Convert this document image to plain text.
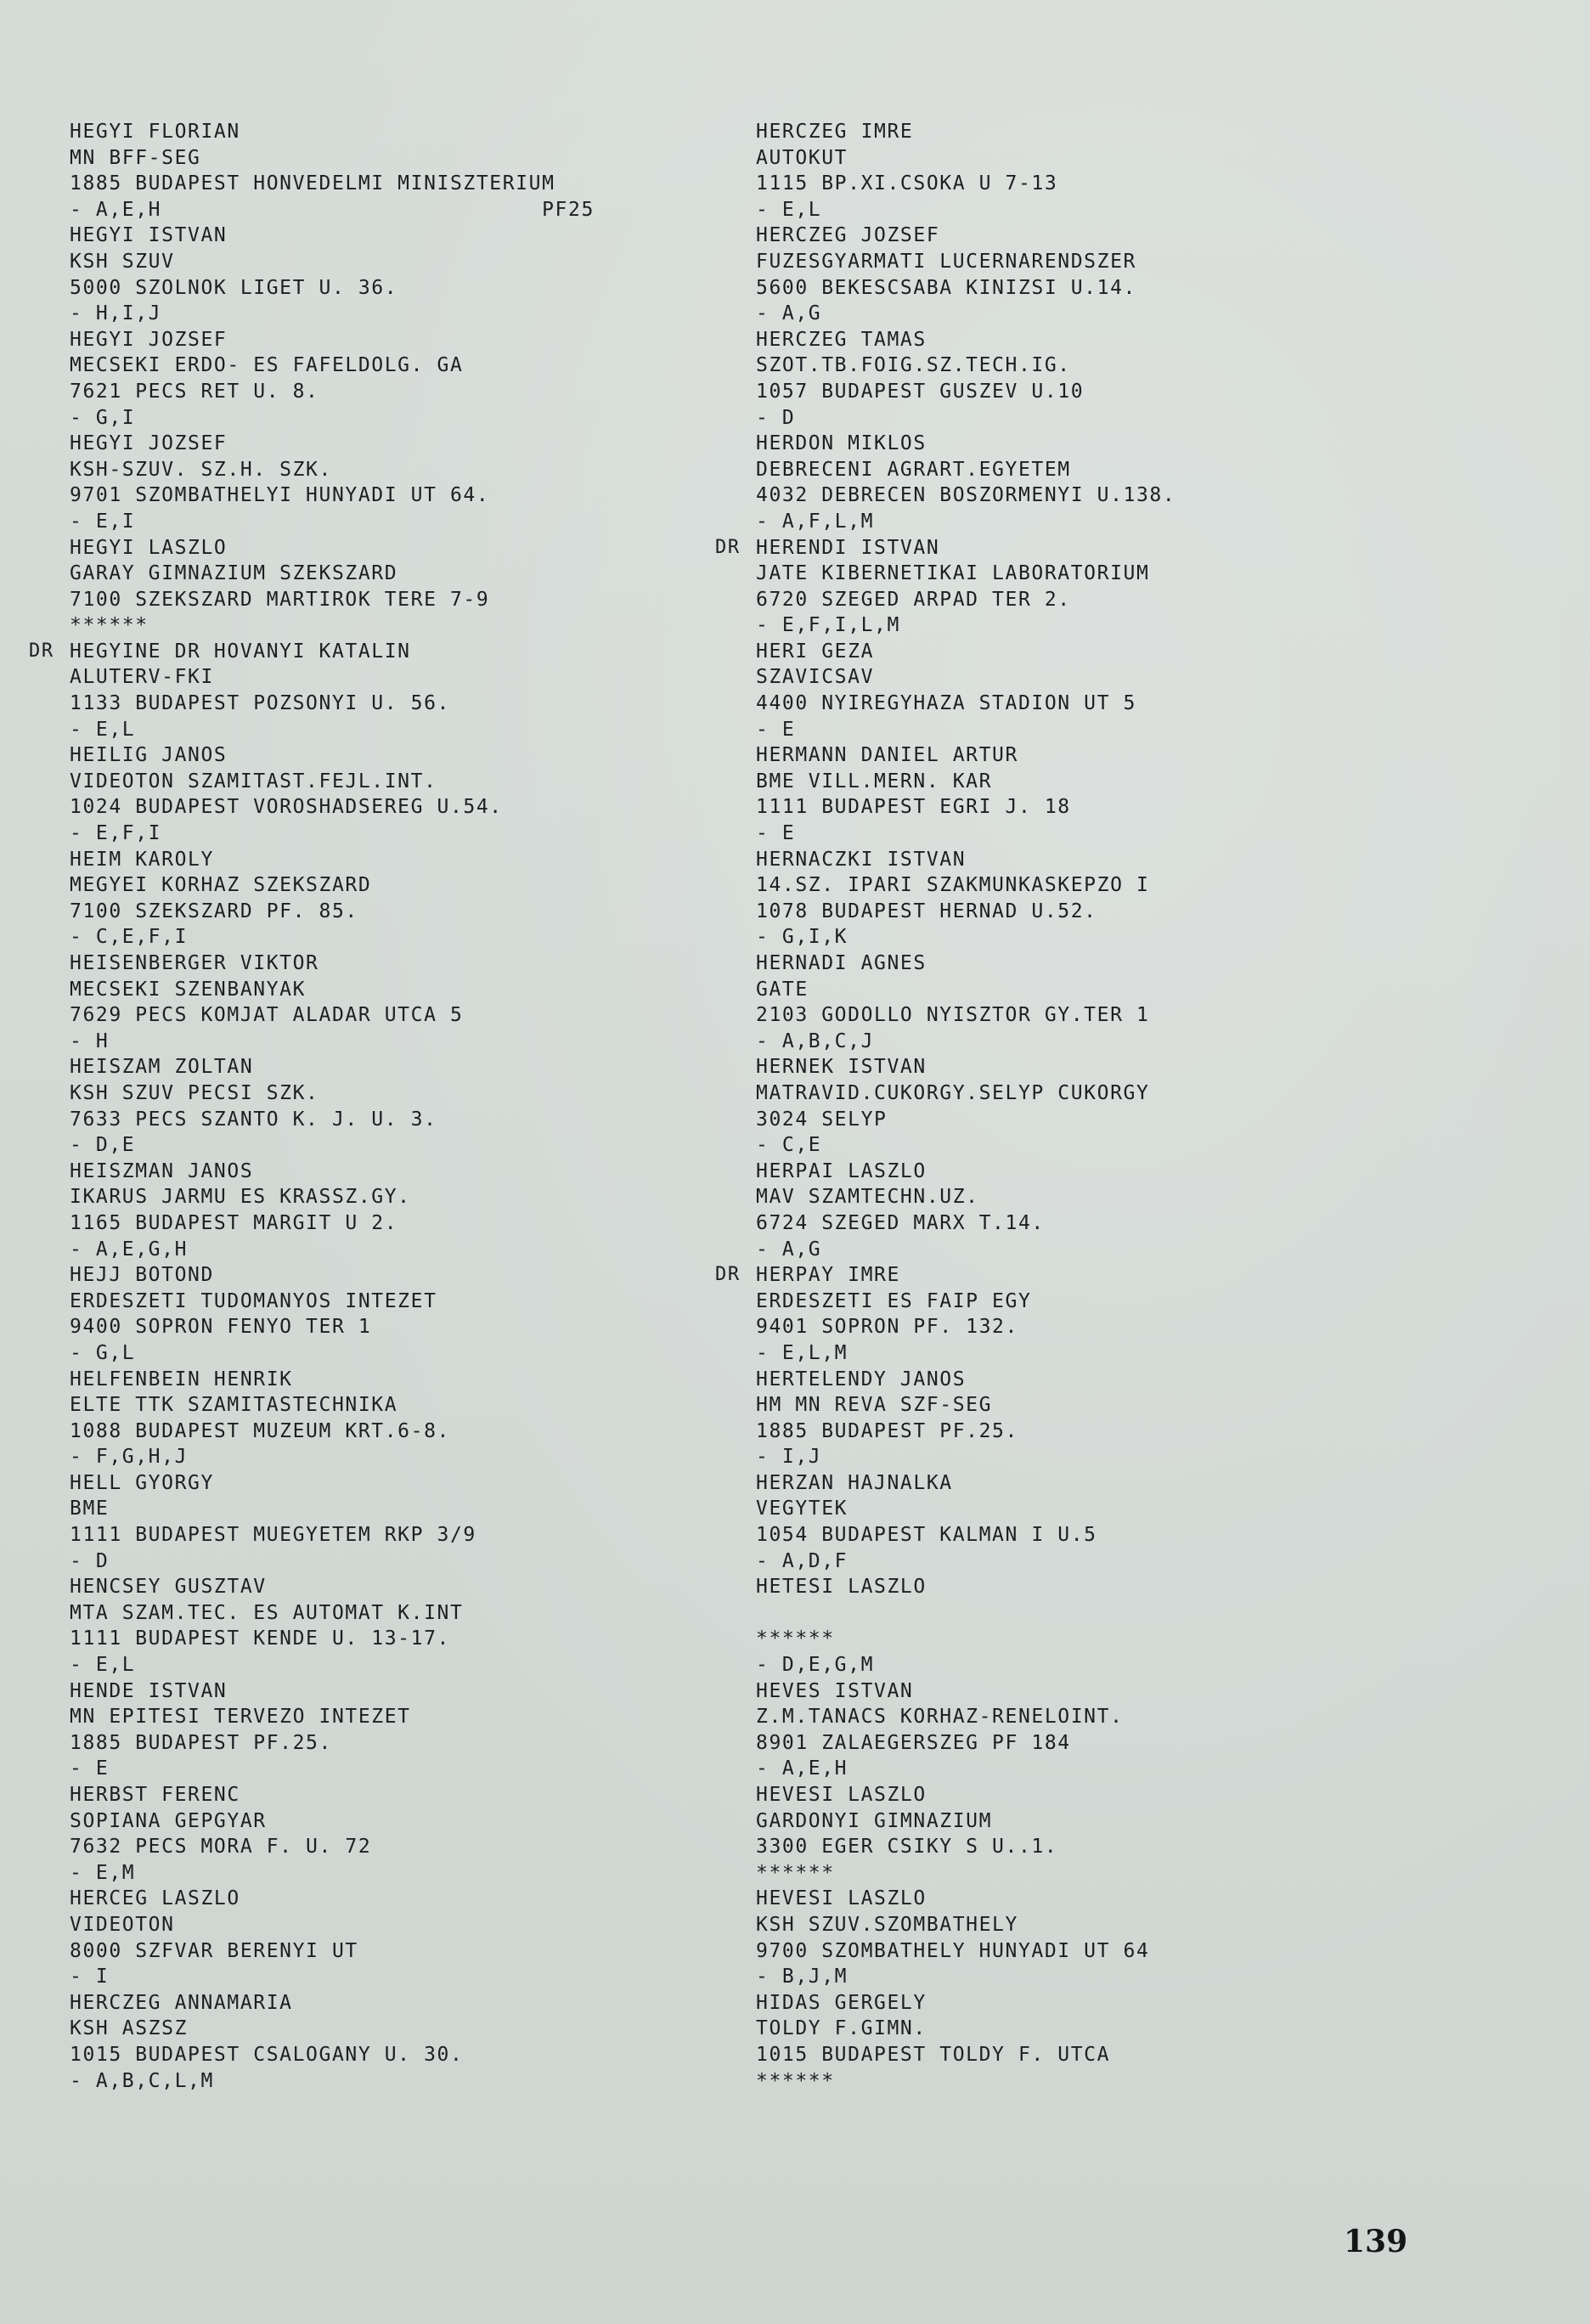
HEGYI FLORIAN
MN BFF-SEG
1885 BUDAPEST HONVEDELMI MINISZTERIUM
- A,E,H                             PF25
HEGYI ISTVAN
KSH SZUV
5000 SZOLNOK LIGET U. 36.
- H,I,J
HEGYI JOZSEF
MECSEKI ERDO- ES FAFELDOLG. GA
7621 PECS RET U. 8.
- G,I
HEGYI JOZSEF
KSH-SZUV. SZ.H. SZK.
9701 SZOMBATHELYI HUNYADI UT 64.
- E,I
HEGYI LASZLO
GARAY GIMNAZIUM SZEKSZARD
7100 SZEKSZARD MARTIROK TERE 7-9
******
DR HEGYINE DR HOVANYI KATALIN
ALUTERV-FKI
1133 BUDAPEST POZSONYI U. 56.
- E,L
HEILIG JANOS
VIDEOTON SZAMITAST.FEJL.INT.
1024 BUDAPEST VOROSHADSEREG U.54.
- E,F,I
HEIM KAROLY
MEGYEI KORHAZ SZEKSZARD
7100 SZEKSZARD PF. 85.
- C,E,F,I
HEISENBERGER VIKTOR
MECSEKI SZENBANYAK
7629 PECS KOMJAT ALADAR UTCA 5
- H
HEISZAM ZOLTAN
KSH SZUV PECSI SZK.
7633 PECS SZANTO K. J. U. 3.
- D,E
HEISZMAN JANOS
IKARUS JARMU ES KRASSZ.GY.
1165 BUDAPEST MARGIT U 2.
- A,E,G,H
HEJJ BOTOND
ERDESZETI TUDOMANYOS INTEZET
9400 SOPRON FENYO TER 1
- G,L
HELFENBEIN HENRIK
ELTE TTK SZAMITASTECHNIKA
1088 BUDAPEST MUZEUM KRT.6-8.
- F,G,H,J
HELL GYORGY
BME
1111 BUDAPEST MUEGYETEM RKP 3/9
- D
HENCSEY GUSZTAV
MTA SZAM.TEC. ES AUTOMAT K.INT
1111 BUDAPEST KENDE U. 13-17.
- E,L
HENDE ISTVAN
MN EPITESI TERVEZO INTEZET
1885 BUDAPEST PF.25.
- E
HERBST FERENC
SOPIANA GEPGYAR
7632 PECS MORA F. U. 72
- E,M
HERCEG LASZLO
VIDEOTON
8000 SZFVAR BERENYI UT
- I
HERCZEG ANNAMARIA
KSH ASZSZ
1015 BUDAPEST CSALOGANY U. 30.
- A,B,C,L,M
HERCZEG IMRE
AUTOKUT
1115 BP.XI.CSOKA U 7-13
- E,L
HERCZEG JOZSEF
FUZESGYARMATI LUCERNARENDSZER
5600 BEKESCSABA KINIZSI U.14.
- A,G
HERCZEG TAMAS
SZOT.TB.FOIG.SZ.TECH.IG.
1057 BUDAPEST GUSZEV U.10
- D
HERDON MIKLOS
DEBRECENI AGRART.EGYETEM
4032 DEBRECEN BOSZORMENYI U.138.
- A,F,L,M
DR HERENDI ISTVAN
JATE KIBERNETIKAI LABORATORIUM
6720 SZEGED ARPAD TER 2.
- E,F,I,L,M
HERI GEZA
SZAVICSAV
4400 NYIREGYHAZA STADION UT 5
- E
HERMANN DANIEL ARTUR
BME VILL.MERN. KAR
1111 BUDAPEST EGRI J. 18
- E
HERNACZKI ISTVAN
14.SZ. IPARI SZAKMUNKASKEPZO I
1078 BUDAPEST HERNAD U.52.
- G,I,K
HERNADI AGNES
GATE
2103 GODOLLO NYISZTOR GY.TER 1
- A,B,C,J
HERNEK ISTVAN
MATRAVID.CUKORGY.SELYP CUKORGY
3024 SELYP
- C,E
HERPAI LASZLO
MAV SZAMTECHN.UZ.
6724 SZEGED MARX T.14.
- A,G
DR HERPAY IMRE
ERDESZETI ES FAIP EGY
9401 SOPRON PF. 132.
- E,L,M
HERTELENDY JANOS
HM MN REVA SZF-SEG
1885 BUDAPEST PF.25.
- I,J
HERZAN HAJNALKA
VEGYTEK
1054 BUDAPEST KALMAN I U.5
- A,D,F
HETESI LASZLO
******
- D,E,G,M
HEVES ISTVAN
Z.M.TANACS KORHAZ-RENELOINT.
8901 ZALAEGERSZEG PF 184
- A,E,H
HEVESI LASZLO
GARDONYI GIMNAZIUM
3300 EGER CSIKY S U..1.
******
HEVESI LASZLO
KSH SZUV.SZOMBATHELY
9700 SZOMBATHELY HUNYADI UT 64
- B,J,M
HIDAS GERGELY
TOLDY F.GIMN.
1015 BUDAPEST TOLDY F. UTCA
******
139
